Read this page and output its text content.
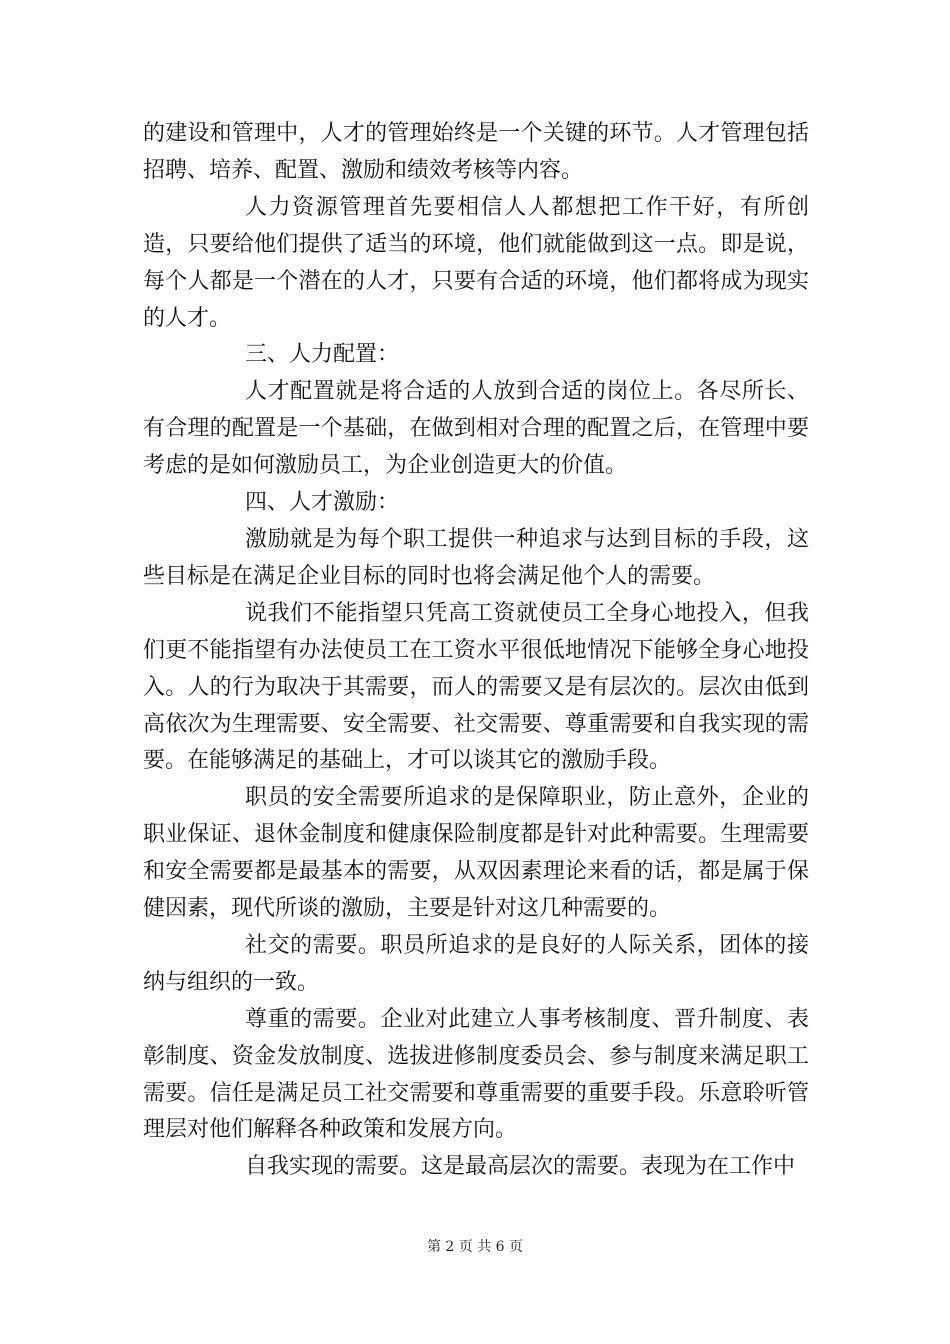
的建设和管理中，人才的管理始终是一个关键的环节。人才管理包括招聘、培养、配置、激励和绩效考核等内容。

人力资源管理首先要相信人人都想把工作干好，有所创造，只要给他们提供了适当的环境，他们就能做到这一点。即是说，每个人都是一个潜在的人才，只要有合适的环境，他们都将成为现实的人才。

三、人力配置：

人才配置就是将合适的人放到合适的岗位上。各尽所长、有合理的配置是一个基础，在做到相对合理的配置之后，在管理中要考虑的是如何激励员工，为企业创造更大的价值。

四、人才激励：

激励就是为每个职工提供一种追求与达到目标的手段，这些目标是在满足企业目标的同时也将会满足他个人的需要。

说我们不能指望只凭高工资就使员工全身心地投入，但我们更不能指望有办法使员工在工资水平很低地情况下能够全身心地投入。人的行为取决于其需要，而人的需要又是有层次的。层次由低到高依次为生理需要、安全需要、社交需要、尊重需要和自我实现的需要。在能够满足的基础上，才可以谈其它的激励手段。

职员的安全需要所追求的是保障职业，防止意外，企业的职业保证、退休金制度和健康保险制度都是针对此种需要。生理需要和安全需要都是最基本的需要，从双因素理论来看的话，都是属于保健因素，现代所谈的激励，主要是针对这几种需要的。

社交的需要。职员所追求的是良好的人际关系，团体的接纳与组织的一致。

尊重的需要。企业对此建立人事考核制度、晋升制度、表彰制度、资金发放制度、选拔进修制度委员会、参与制度来满足职工需要。信任是满足员工社交需要和尊重需要的重要手段。乐意聆听管理层对他们解释各种政策和发展方向。

自我实现的需要。这是最高层次的需要。表现为在工作中

第 2 页 共 6 页
